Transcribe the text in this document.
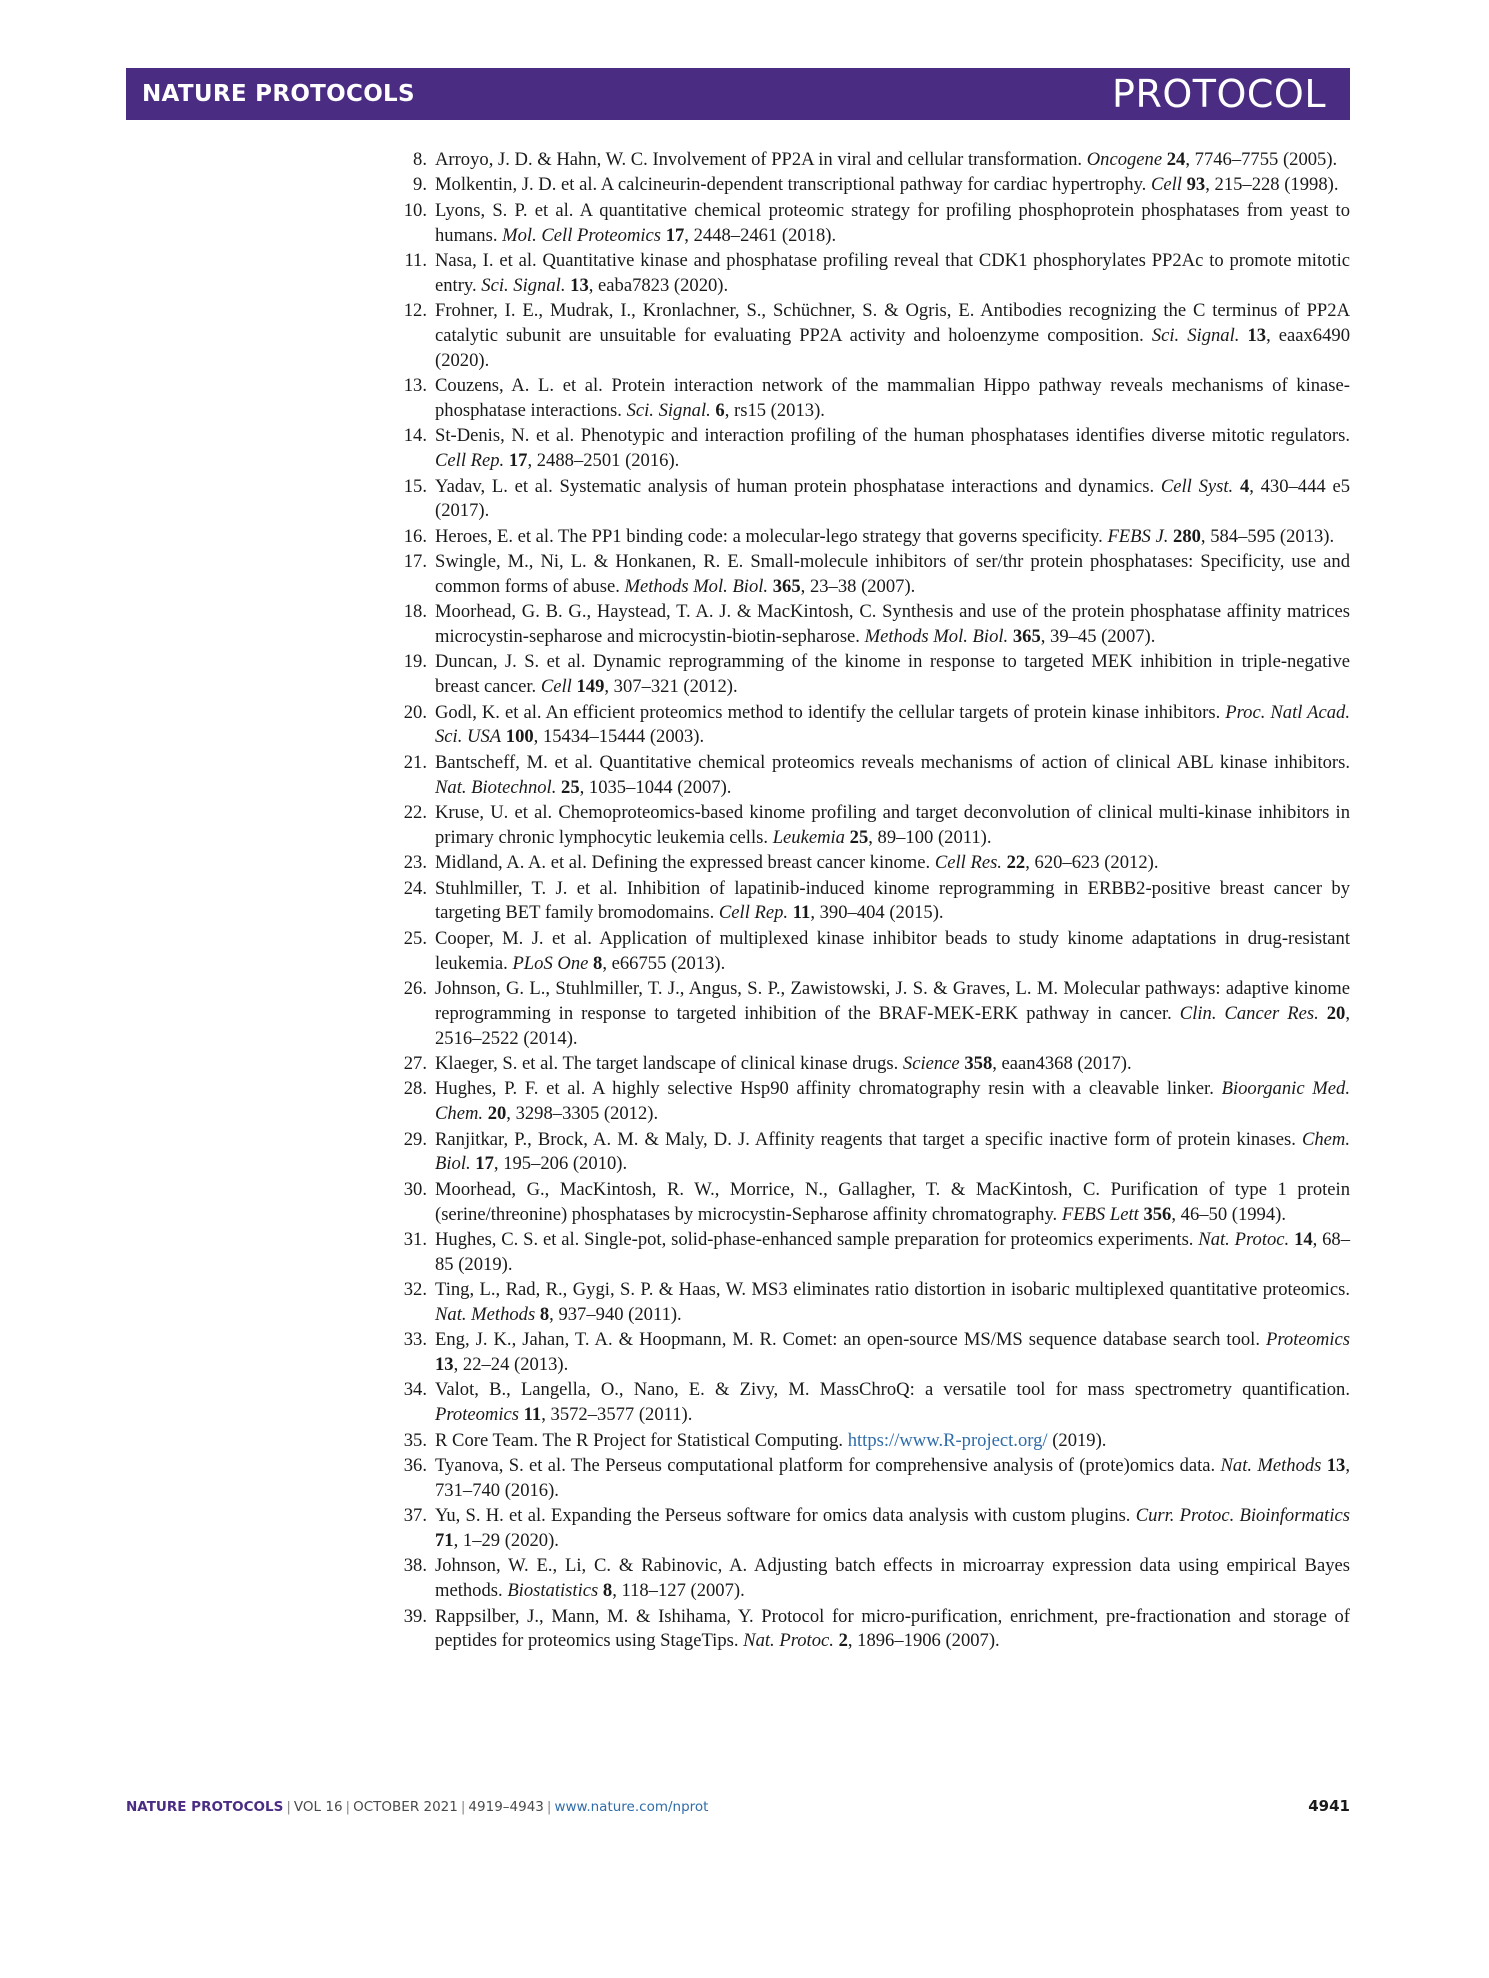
NATURE PROTOCOLS	PROTOCOL
8. Arroyo, J. D. & Hahn, W. C. Involvement of PP2A in viral and cellular transformation. Oncogene 24, 7746–7755 (2005).
9. Molkentin, J. D. et al. A calcineurin-dependent transcriptional pathway for cardiac hypertrophy. Cell 93, 215–228 (1998).
10. Lyons, S. P. et al. A quantitative chemical proteomic strategy for profiling phosphoprotein phosphatases from yeast to humans. Mol. Cell Proteomics 17, 2448–2461 (2018).
11. Nasa, I. et al. Quantitative kinase and phosphatase profiling reveal that CDK1 phosphorylates PP2Ac to promote mitotic entry. Sci. Signal. 13, eaba7823 (2020).
12. Frohner, I. E., Mudrak, I., Kronlachner, S., Schüchner, S. & Ogris, E. Antibodies recognizing the C terminus of PP2A catalytic subunit are unsuitable for evaluating PP2A activity and holoenzyme composition. Sci. Signal. 13, eaax6490 (2020).
13. Couzens, A. L. et al. Protein interaction network of the mammalian Hippo pathway reveals mechanisms of kinase-phosphatase interactions. Sci. Signal. 6, rs15 (2013).
14. St-Denis, N. et al. Phenotypic and interaction profiling of the human phosphatases identifies diverse mitotic regulators. Cell Rep. 17, 2488–2501 (2016).
15. Yadav, L. et al. Systematic analysis of human protein phosphatase interactions and dynamics. Cell Syst. 4, 430–444 e5 (2017).
16. Heroes, E. et al. The PP1 binding code: a molecular-lego strategy that governs specificity. FEBS J. 280, 584–595 (2013).
17. Swingle, M., Ni, L. & Honkanen, R. E. Small-molecule inhibitors of ser/thr protein phosphatases: Specificity, use and common forms of abuse. Methods Mol. Biol. 365, 23–38 (2007).
18. Moorhead, G. B. G., Haystead, T. A. J. & MacKintosh, C. Synthesis and use of the protein phosphatase affinity matrices microcystin-sepharose and microcystin-biotin-sepharose. Methods Mol. Biol. 365, 39–45 (2007).
19. Duncan, J. S. et al. Dynamic reprogramming of the kinome in response to targeted MEK inhibition in triple-negative breast cancer. Cell 149, 307–321 (2012).
20. Godl, K. et al. An efficient proteomics method to identify the cellular targets of protein kinase inhibitors. Proc. Natl Acad. Sci. USA 100, 15434–15444 (2003).
21. Bantscheff, M. et al. Quantitative chemical proteomics reveals mechanisms of action of clinical ABL kinase inhibitors. Nat. Biotechnol. 25, 1035–1044 (2007).
22. Kruse, U. et al. Chemoproteomics-based kinome profiling and target deconvolution of clinical multi-kinase inhibitors in primary chronic lymphocytic leukemia cells. Leukemia 25, 89–100 (2011).
23. Midland, A. A. et al. Defining the expressed breast cancer kinome. Cell Res. 22, 620–623 (2012).
24. Stuhlmiller, T. J. et al. Inhibition of lapatinib-induced kinome reprogramming in ERBB2-positive breast cancer by targeting BET family bromodomains. Cell Rep. 11, 390–404 (2015).
25. Cooper, M. J. et al. Application of multiplexed kinase inhibitor beads to study kinome adaptations in drug-resistant leukemia. PLoS One 8, e66755 (2013).
26. Johnson, G. L., Stuhlmiller, T. J., Angus, S. P., Zawistowski, J. S. & Graves, L. M. Molecular pathways: adaptive kinome reprogramming in response to targeted inhibition of the BRAF-MEK-ERK pathway in cancer. Clin. Cancer Res. 20, 2516–2522 (2014).
27. Klaeger, S. et al. The target landscape of clinical kinase drugs. Science 358, eaan4368 (2017).
28. Hughes, P. F. et al. A highly selective Hsp90 affinity chromatography resin with a cleavable linker. Bioorganic Med. Chem. 20, 3298–3305 (2012).
29. Ranjitkar, P., Brock, A. M. & Maly, D. J. Affinity reagents that target a specific inactive form of protein kinases. Chem. Biol. 17, 195–206 (2010).
30. Moorhead, G., MacKintosh, R. W., Morrice, N., Gallagher, T. & MacKintosh, C. Purification of type 1 protein (serine/threonine) phosphatases by microcystin-Sepharose affinity chromatography. FEBS Lett 356, 46–50 (1994).
31. Hughes, C. S. et al. Single-pot, solid-phase-enhanced sample preparation for proteomics experiments. Nat. Protoc. 14, 68–85 (2019).
32. Ting, L., Rad, R., Gygi, S. P. & Haas, W. MS3 eliminates ratio distortion in isobaric multiplexed quantitative proteomics. Nat. Methods 8, 937–940 (2011).
33. Eng, J. K., Jahan, T. A. & Hoopmann, M. R. Comet: an open-source MS/MS sequence database search tool. Proteomics 13, 22–24 (2013).
34. Valot, B., Langella, O., Nano, E. & Zivy, M. MassChroQ: a versatile tool for mass spectrometry quantification. Proteomics 11, 3572–3577 (2011).
35. R Core Team. The R Project for Statistical Computing. https://www.R-project.org/ (2019).
36. Tyanova, S. et al. The Perseus computational platform for comprehensive analysis of (prote)omics data. Nat. Methods 13, 731–740 (2016).
37. Yu, S. H. et al. Expanding the Perseus software for omics data analysis with custom plugins. Curr. Protoc. Bioinformatics 71, 1–29 (2020).
38. Johnson, W. E., Li, C. & Rabinovic, A. Adjusting batch effects in microarray expression data using empirical Bayes methods. Biostatistics 8, 118–127 (2007).
39. Rappsilber, J., Mann, M. & Ishihama, Y. Protocol for micro-purification, enrichment, pre-fractionation and storage of peptides for proteomics using StageTips. Nat. Protoc. 2, 1896–1906 (2007).
NATURE PROTOCOLS | VOL 16 | OCTOBER 2021 | 4919–4943 | www.nature.com/nprot	4941
